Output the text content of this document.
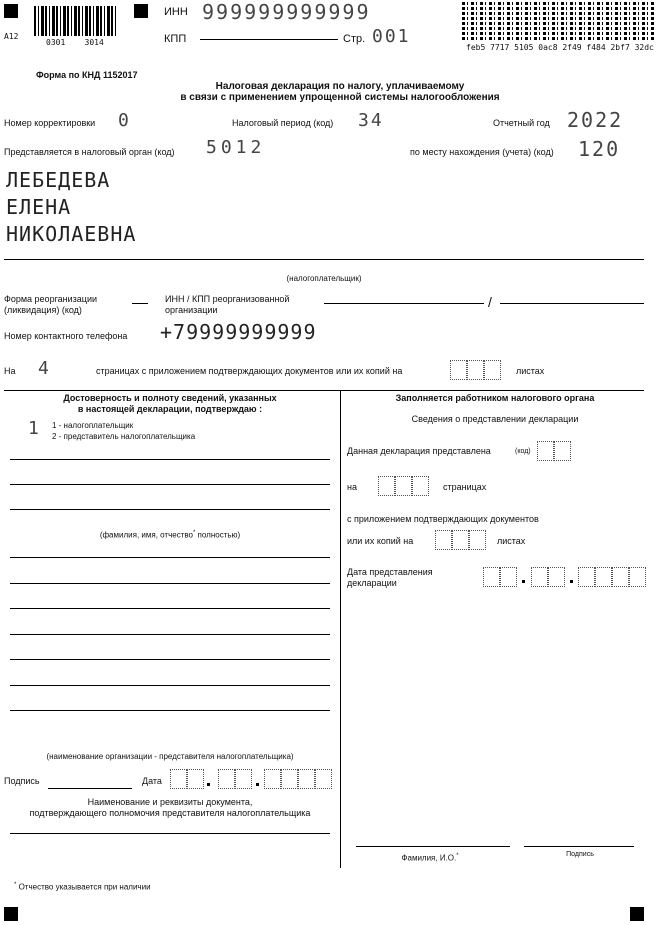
A12
0301    3014
ИНН 999999999999
КПП	Стр. 001
feb5 7717 5105 0ac8 2f49 f484 2bf7 32dc
Форма по КНД 1152017
Налоговая декларация по налогу, уплачиваемому
в связи с применением упрощенной системы налогообложения
Номер корректировки 0	Налоговый период (код) 34	Отчетный год 2022
Представляется в налоговый орган (код) 5012	по месту нахождения (учета) (код) 120
ЛЕБЕДЕВА
ЕЛЕНА
НИКОЛАЕВНА
(налогоплательщик)
Форма реорганизации (ликвидация) (код)
ИНН / КПП реорганизованной организации	/
Номер контактного телефона +79999999999
На 4	страницах с приложением подтверждающих документов или их копий на	листах
Достоверность и полноту сведений, указанных
в настоящей декларации, подтверждаю :
1 1 - налогоплательщик
2 - представитель налогоплательщика
(фамилия, имя, отчество* полностью)
(наименование организации - представителя налогоплательщика)
Подпись	Дата
Наименование и реквизиты документа,
подтверждающего полномочия представителя налогоплательщика
Заполняется работником налогового органа
Сведения о представлении декларации
Данная декларация представлена	(код)
на	страницах
с приложением подтверждающих документов
или их копий на	листах
Дата представления
декларации
Фамилия, И.О.*	Подпись
* Отчество указывается при наличии
